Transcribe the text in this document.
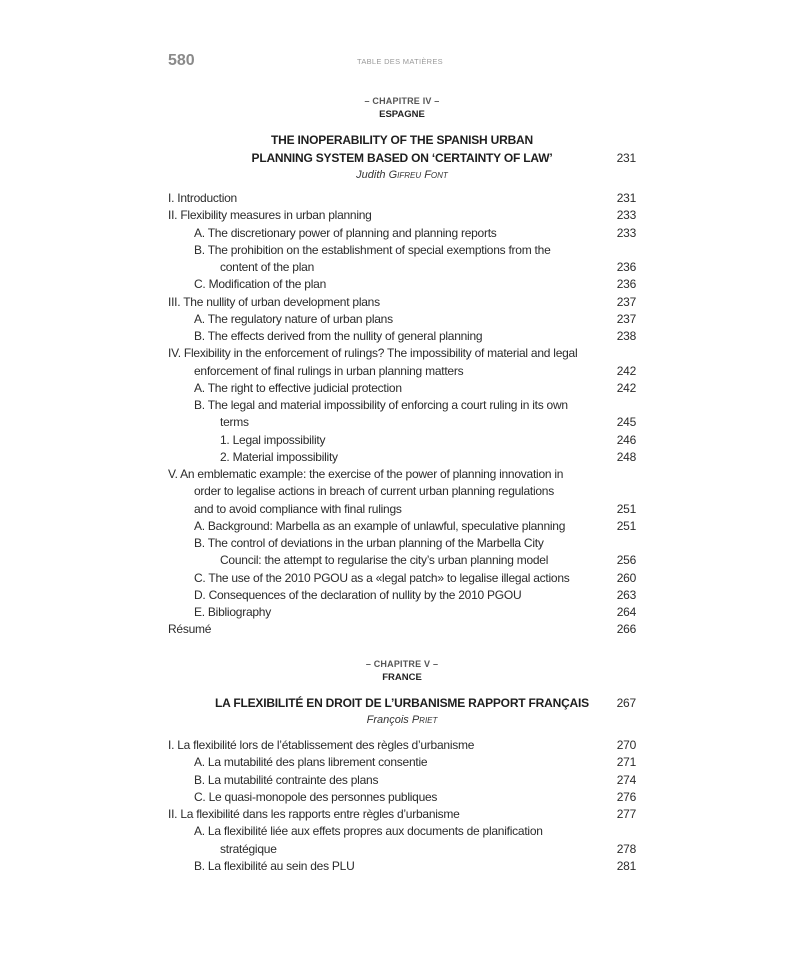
580	TABLE DES MATIÈRES
– CHAPITRE IV –
ESPAGNE
THE INOPERABILITY OF THE SPANISH URBAN
PLANNING SYSTEM BASED ON ‘CERTAINTY OF LAW’	231
Judith Gifreu Font
I. Introduction	231
II. Flexibility measures in urban planning	233
A. The discretionary power of planning and planning reports	233
B. The prohibition on the establishment of special exemptions from the
content of the plan	236
C. Modification of the plan	236
III. The nullity of urban development plans	237
A. The regulatory nature of urban plans	237
B. The effects derived from the nullity of general planning	238
IV. Flexibility in the enforcement of rulings? The impossibility of material and legal
enforcement of final rulings in urban planning matters	242
A. The right to effective judicial protection	242
B. The legal and material impossibility of enforcing a court ruling in its own
terms	245
1. Legal impossibility	246
2. Material impossibility	248
V. An emblematic example: the exercise of the power of planning innovation in
order to legalise actions in breach of current urban planning regulations
and to avoid compliance with final rulings	251
A. Background: Marbella as an example of unlawful, speculative planning	251
B. The control of deviations in the urban planning of the Marbella City
Council: the attempt to regularise the city’s urban planning model	256
C. The use of the 2010 PGOU as a «legal patch» to legalise illegal actions	260
D. Consequences of the declaration of nullity by the 2010 PGOU	263
E. Bibliography	264
Résumé	266
– CHAPITRE V –
FRANCE
LA FLEXIBILITÉ EN DROIT DE L’URBANISME RAPPORT FRANÇAIS 267
François Priet
I. La flexibilité lors de l’établissement des règles d’urbanisme	270
A. La mutabilité des plans librement consentie	271
B. La mutabilité contrainte des plans	274
C. Le quasi-monopole des personnes publiques	276
II. La flexibilité dans les rapports entre règles d’urbanisme	277
A. La flexibilité liée aux effets propres aux documents de planification
stratégique	278
B. La flexibilité au sein des PLU	281
